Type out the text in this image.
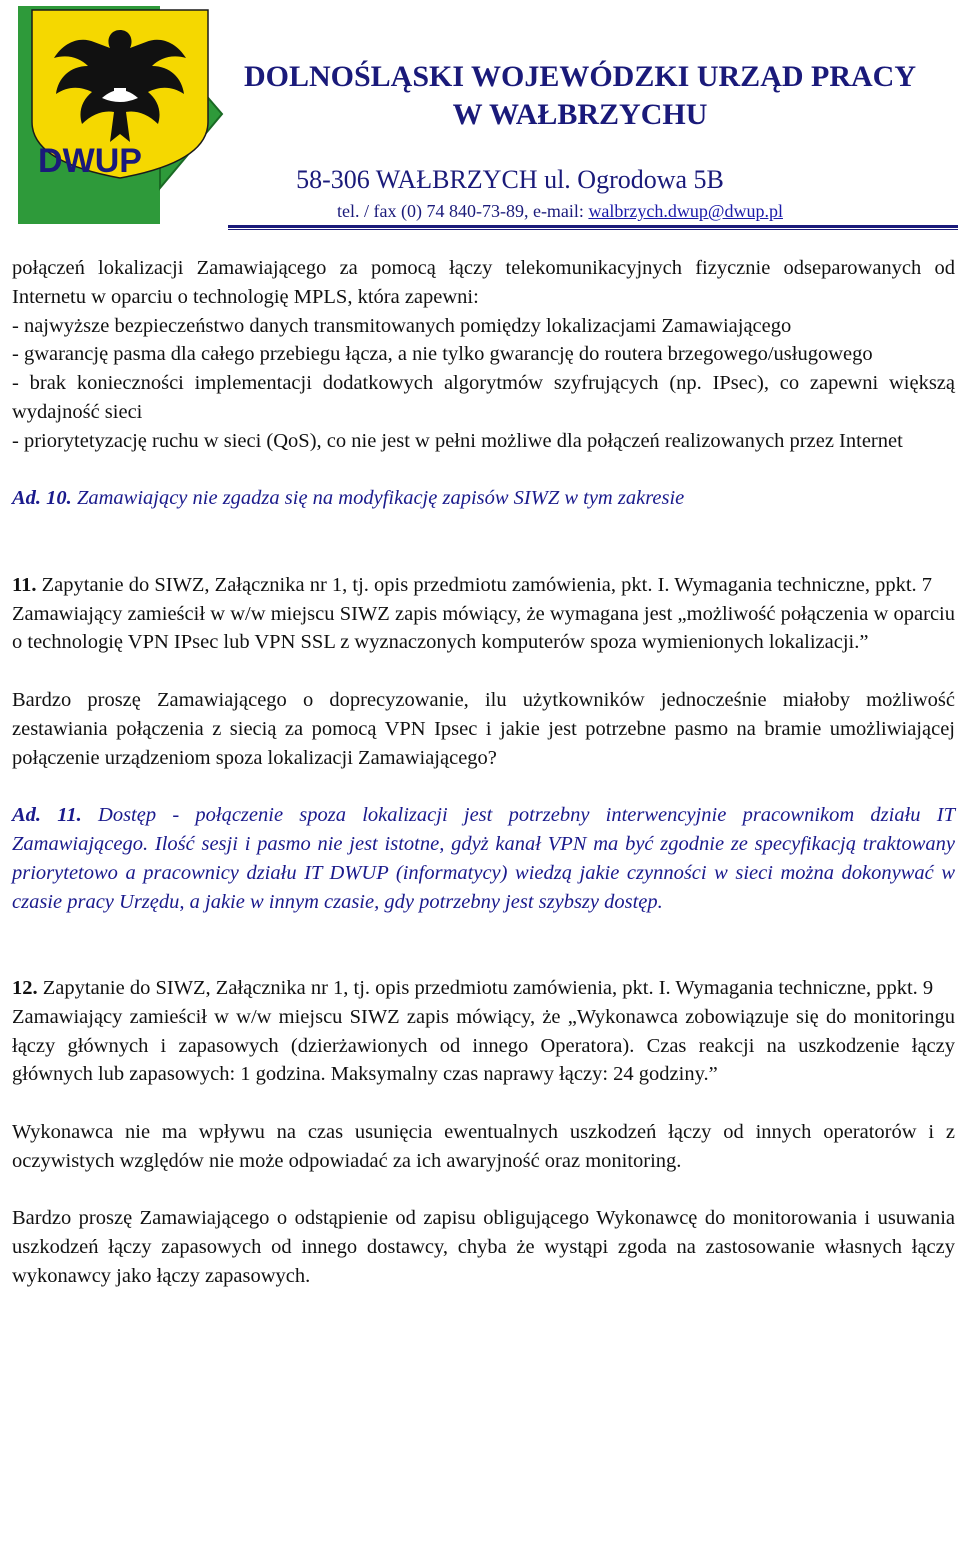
DWUP
DOLNOŚLĄSKI WOJEWÓDZKI URZĄD PRACY
W WAŁBRZYCHU
58-306 WAŁBRZYCH ul. Ogrodowa 5B
tel. / fax (0) 74 840-73-89, e-mail: walbrzych.dwup@dwup.pl

połączeń lokalizacji Zamawiającego za pomocą łączy telekomunikacyjnych fizycznie odseparowanych od Internetu w oparciu o technologię MPLS, która zapewni:

- najwyższe bezpieczeństwo danych transmitowanych pomiędzy lokalizacjami Zamawiającego

- gwarancję pasma dla całego przebiegu łącza, a nie tylko gwarancję do routera brzegowego/usługowego

- brak konieczności implementacji dodatkowych algorytmów szyfrujących (np. IPsec), co zapewni większą wydajność sieci

- priorytetyzację ruchu w sieci (QoS), co nie jest w pełni możliwe dla połączeń realizowanych przez Internet

Ad. 10. Zamawiający nie zgadza się na modyfikację zapisów SIWZ w tym zakresie

11. Zapytanie do SIWZ, Załącznika nr 1, tj. opis przedmiotu zamówienia, pkt. I. Wymagania techniczne, ppkt. 7

Zamawiający zamieścił w w/w miejscu SIWZ zapis mówiący, że wymagana jest „możliwość połączenia w oparciu o technologię VPN IPsec lub VPN SSL z wyznaczonych komputerów spoza wymienionych lokalizacji.”

Bardzo proszę Zamawiającego o doprecyzowanie, ilu użytkowników jednocześnie miałoby możliwość zestawiania połączenia z siecią za pomocą VPN Ipsec i jakie jest potrzebne pasmo na bramie umożliwiającej połączenie urządzeniom spoza lokalizacji Zamawiającego?

Ad. 11. Dostęp - połączenie spoza lokalizacji jest potrzebny interwencyjnie pracownikom działu IT Zamawiającego. Ilość sesji i pasmo nie jest istotne, gdyż kanał VPN ma być zgodnie ze specyfikacją traktowany priorytetowo a pracownicy działu IT DWUP (informatycy) wiedzą jakie czynności w sieci można dokonywać w czasie pracy Urzędu, a jakie w innym czasie, gdy potrzebny jest szybszy dostęp.

12. Zapytanie do SIWZ, Załącznika nr 1, tj. opis przedmiotu zamówienia, pkt. I. Wymagania techniczne, ppkt. 9

Zamawiający zamieścił w w/w miejscu SIWZ zapis mówiący, że „Wykonawca zobowiązuje się do monitoringu łączy głównych i zapasowych (dzierżawionych od innego Operatora). Czas reakcji na uszkodzenie łączy głównych lub zapasowych: 1 godzina. Maksymalny czas naprawy łączy: 24 godziny.”

Wykonawca nie ma wpływu na czas usunięcia ewentualnych uszkodzeń łączy od innych operatorów i z oczywistych względów nie może odpowiadać za ich awaryjność oraz monitoring.

Bardzo proszę Zamawiającego o odstąpienie od zapisu obligującego Wykonawcę do monitorowania i usuwania uszkodzeń łączy zapasowych od innego dostawcy, chyba że wystąpi zgoda na zastosowanie własnych łączy wykonawcy jako łączy zapasowych.
